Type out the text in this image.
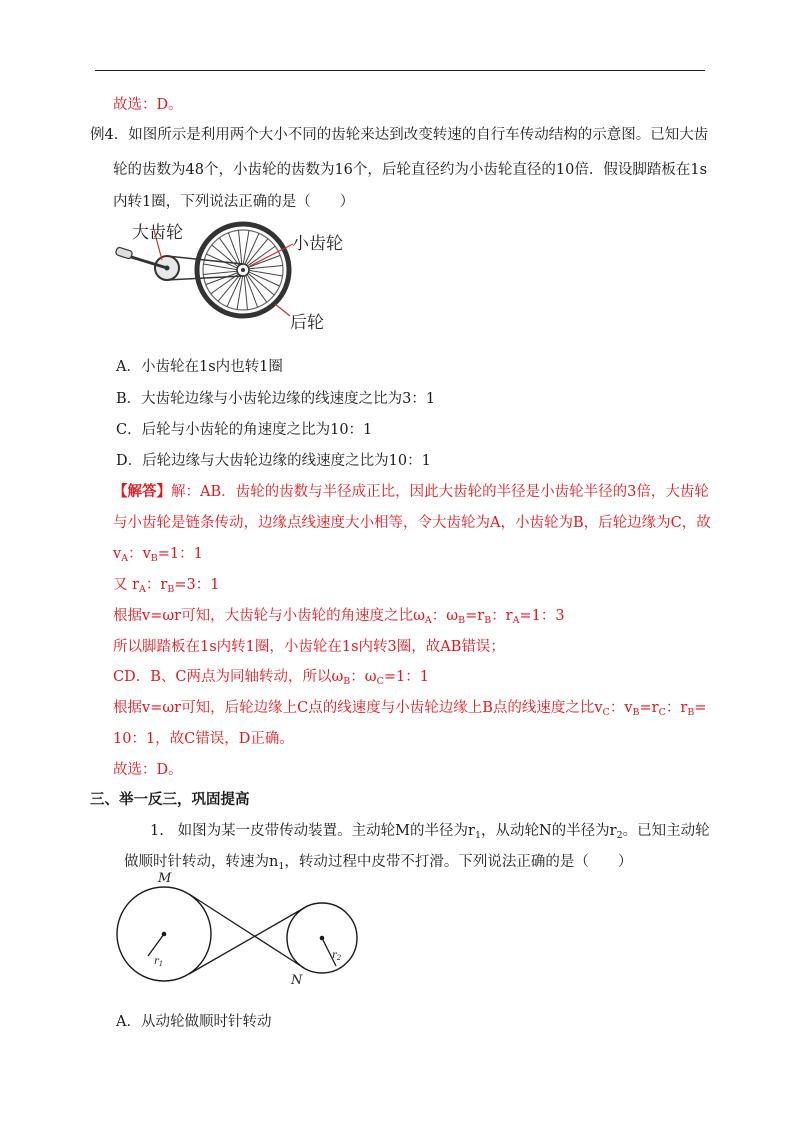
故选：D。
例4．如图所示是利用两个大小不同的齿轮来达到改变转速的自行车传动结构的示意图。已知大齿
轮的齿数为48个，小齿轮的齿数为16个，后轮直径约为小齿轮直径的10倍．假设脚踏板在1s
内转1圈，下列说法正确的是（　　）
大齿轮
小齿轮
后轮
A．小齿轮在1s内也转1圈
B．大齿轮边缘与小齿轮边缘的线速度之比为3：1
C．后轮与小齿轮的角速度之比为10：1
D．后轮边缘与大齿轮边缘的线速度之比为10：1
【解答】解：AB．齿轮的齿数与半径成正比，因此大齿轮的半径是小齿轮半径的3倍，大齿轮
与小齿轮是链条传动，边缘点线速度大小相等，令大齿轮为A，小齿轮为B，后轮边缘为C，故
$v_A$：$v_B=1$：1
又 $r_A$：$r_B=3$：1
根据v=ωr可知，大齿轮与小齿轮的角速度之比$\omega_A$：$\omega_B=r_B$：$r_A=1$：3
所以脚踏板在1s内转1圈，小齿轮在1s内转3圈，故AB错误；
CD．B、C两点为同轴转动，所以$\omega_B$：$\omega_C=1$：1
根据v=ωr可知，后轮边缘上C点的线速度与小齿轮边缘上B点的线速度之比$v_C$：$v_B=r_C$：$r_B=$
10：1，故C错误，D正确。
故选：D。
三、举一反三，巩固提高
1. 如图为某一皮带传动装置。主动轮M的半径为$r_1$，从动轮N的半径为$r_2$。已知主动轮
做顺时针转动，转速为$n_1$，转动过程中皮带不打滑。下列说法正确的是（　　）
M
N
$r_1$
$r_2$
A．从动轮做顺时针转动
